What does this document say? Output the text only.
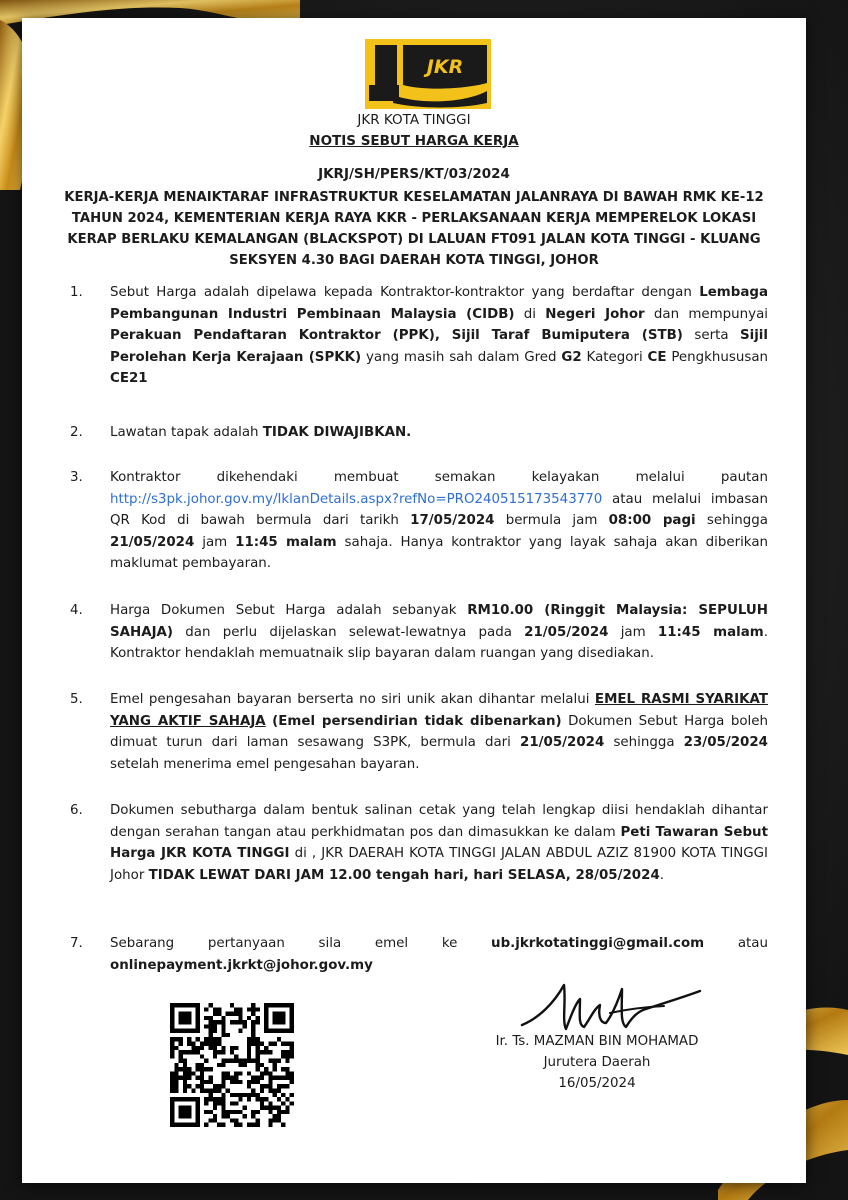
JKR
JKR KOTA TINGGI
NOTIS SEBUT HARGA KERJA
JKRJ/SH/PERS/KT/03/2024
KERJA-KERJA MENAIKTARAF INFRASTRUKTUR KESELAMATAN JALANRAYA DI BAWAH RMK KE-12 TAHUN 2024, KEMENTERIAN KERJA RAYA KKR - PERLAKSANAAN KERJA MEMPERELOK LOKASI KERAP BERLAKU KEMALANGAN (BLACKSPOT) DI LALUAN FT091 JALAN KOTA TINGGI - KLUANG SEKSYEN 4.30 BAGI DAERAH KOTA TINGGI, JOHOR
1.	Sebut Harga adalah dipelawa kepada Kontraktor-kontraktor yang berdaftar dengan Lembaga Pembangunan Industri Pembinaan Malaysia (CIDB) di Negeri Johor dan mempunyai Perakuan Pendaftaran Kontraktor (PPK), Sijil Taraf Bumiputera (STB) serta Sijil Perolehan Kerja Kerajaan (SPKK) yang masih sah dalam Gred G2 Kategori CE Pengkhususan CE21
2.	Lawatan tapak adalah TIDAK DIWAJIBKAN.
3.	Kontraktor dikehendaki membuat semakan kelayakan melalui pautan http://s3pk.johor.gov.my/IklanDetails.aspx?refNo=PRO240515173543770 atau melalui imbasan QR Kod di bawah bermula dari tarikh 17/05/2024 bermula jam 08:00 pagi sehingga 21/05/2024 jam 11:45 malam sahaja. Hanya kontraktor yang layak sahaja akan diberikan maklumat pembayaran.
4.	Harga Dokumen Sebut Harga adalah sebanyak RM10.00 (Ringgit Malaysia: SEPULUH SAHAJA) dan perlu dijelaskan selewat-lewatnya pada 21/05/2024 jam 11:45 malam. Kontraktor hendaklah memuatnaik slip bayaran dalam ruangan yang disediakan.
5.	Emel pengesahan bayaran berserta no siri unik akan dihantar melalui EMEL RASMI SYARIKAT YANG AKTIF SAHAJA (Emel persendirian tidak dibenarkan) Dokumen Sebut Harga boleh dimuat turun dari laman sesawang S3PK, bermula dari 21/05/2024 sehingga 23/05/2024 setelah menerima emel pengesahan bayaran.
6.	Dokumen sebutharga dalam bentuk salinan cetak yang telah lengkap diisi hendaklah dihantar dengan serahan tangan atau perkhidmatan pos dan dimasukkan ke dalam Peti Tawaran Sebut Harga JKR KOTA TINGGI di , JKR DAERAH KOTA TINGGI JALAN ABDUL AZIZ 81900 KOTA TINGGI Johor TIDAK LEWAT DARI JAM 12.00 tengah hari, hari SELASA, 28/05/2024.
7.	Sebarang pertanyaan sila emel ke ub.jkrkotatinggi@gmail.com atau onlinepayment.jkrkt@johor.gov.my
Ir. Ts. MAZMAN BIN MOHAMAD
Jurutera Daerah
16/05/2024
